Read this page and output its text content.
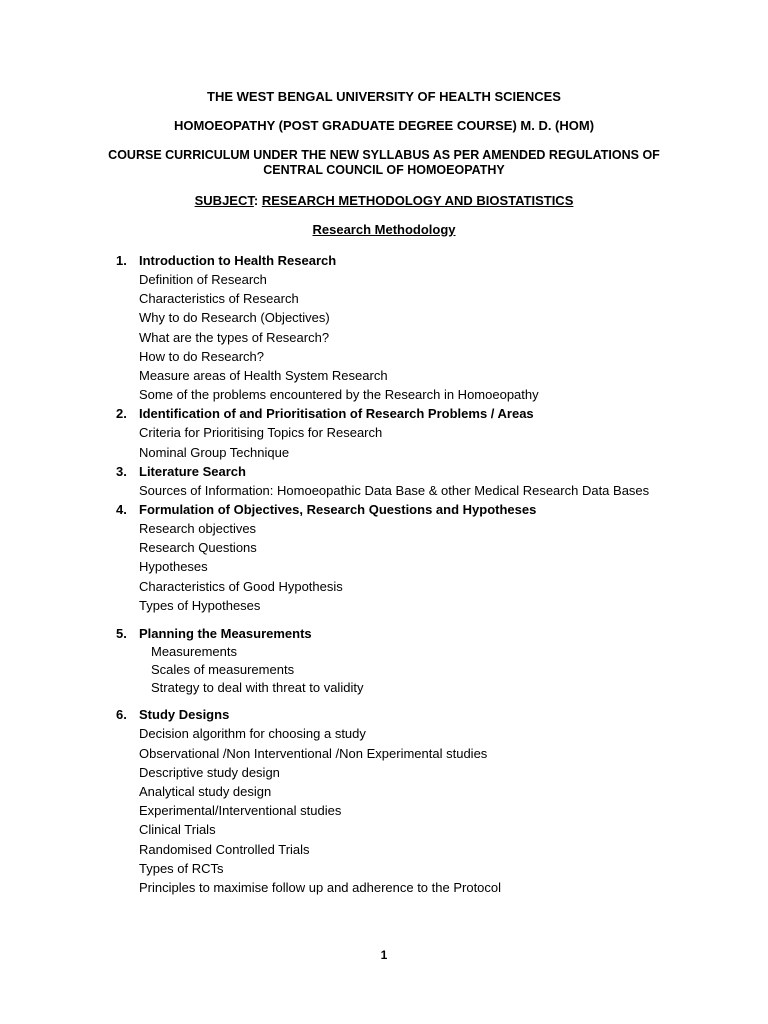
THE WEST BENGAL UNIVERSITY OF HEALTH SCIENCES
HOMOEOPATHY (POST GRADUATE DEGREE COURSE) M. D. (HOM)
COURSE CURRICULUM UNDER THE NEW SYLLABUS AS PER AMENDED REGULATIONS OF
CENTRAL COUNCIL OF HOMOEOPATHY
SUBJECT: RESEARCH METHODOLOGY AND BIOSTATISTICS
Research Methodology
1. Introduction to Health Research
Definition of Research
Characteristics of Research
Why to do Research (Objectives)
What are the types of Research?
How to do Research?
Measure areas of Health System Research
Some of the problems encountered by the Research in Homoeopathy
2. Identification of and Prioritisation of Research Problems / Areas
Criteria for Prioritising Topics for Research
Nominal Group Technique
3. Literature Search
Sources of Information: Homoeopathic Data Base & other Medical Research Data Bases
4. Formulation of Objectives, Research Questions and Hypotheses
Research objectives
Research Questions
Hypotheses
Characteristics of Good Hypothesis
Types of Hypotheses
5. Planning the Measurements
Measurements
Scales of measurements
Strategy to deal with threat to validity
6. Study Designs
Decision algorithm for choosing a study
Observational /Non Interventional /Non Experimental studies
Descriptive study design
Analytical study design
Experimental/Interventional studies
Clinical Trials
Randomised Controlled Trials
Types of RCTs
Principles to maximise follow up and adherence to the Protocol
1
